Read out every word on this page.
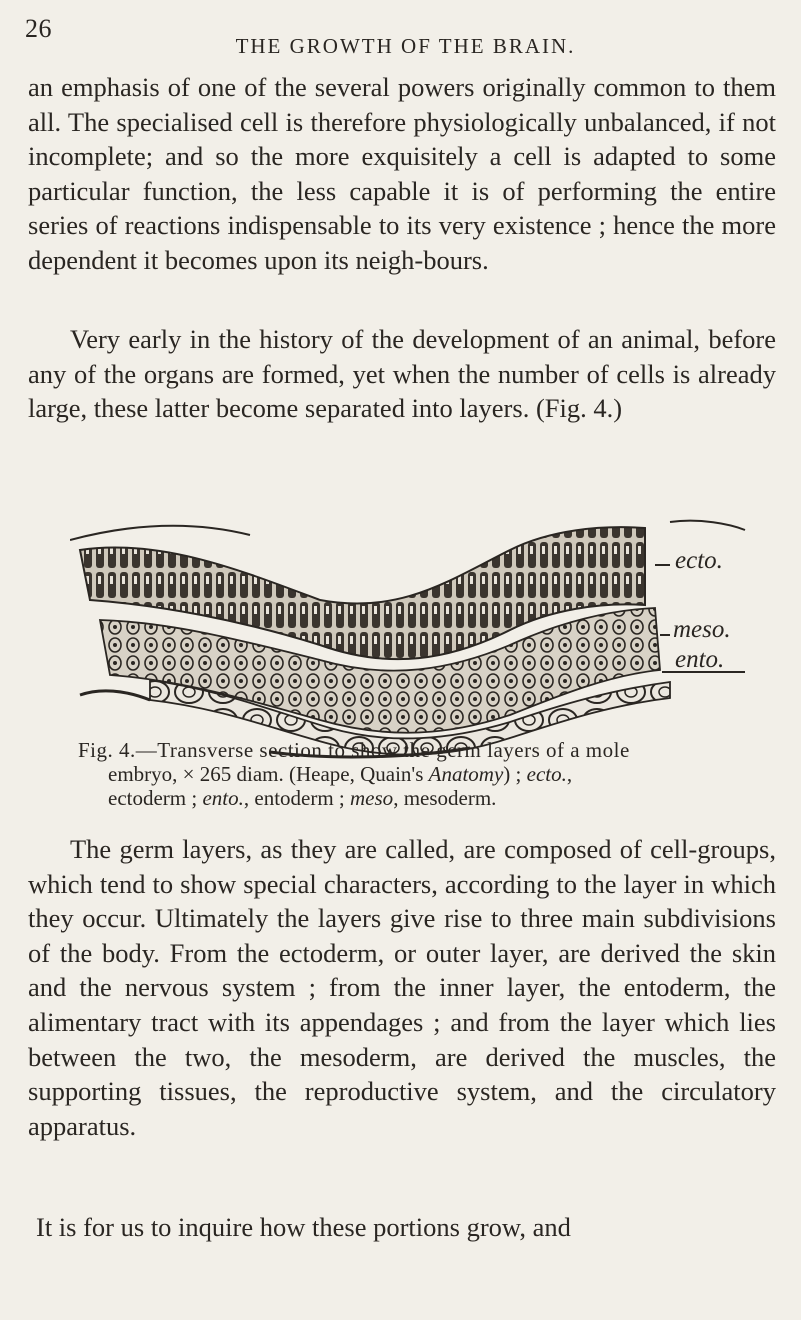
26
THE GROWTH OF THE BRAIN.

an emphasis of one of the several powers originally common to them all. The specialised cell is therefore physiologically unbalanced, if not incomplete; and so the more exquisitely a cell is adapted to some particular function, the less capable it is of performing the entire series of reactions indispensable to its very existence ; hence the more dependent it becomes upon its neigh-bours.

Very early in the history of the development of an animal, before any of the organs are formed, yet when the number of cells is already large, these latter become separated into layers. (Fig. 4.)

ecto.
meso.
ento.

Fig. 4.—Transverse section to show the germ layers of a mole
embryo, × 265 diam. (Heape, Quain's Anatomy) ; ecto.,
ectoderm ; ento., entoderm ; meso, mesoderm.

The germ layers, as they are called, are composed of cell-groups, which tend to show special characters, according to the layer in which they occur. Ultimately the layers give rise to three main subdivisions of the body. From the ectoderm, or outer layer, are derived the skin and the nervous system ; from the inner layer, the entoderm, the alimentary tract with its appendages ; and from the layer which lies between the two, the mesoderm, are derived the muscles, the supporting tissues, the reproductive system, and the circulatory apparatus.

It is for us to inquire how these portions grow, and
